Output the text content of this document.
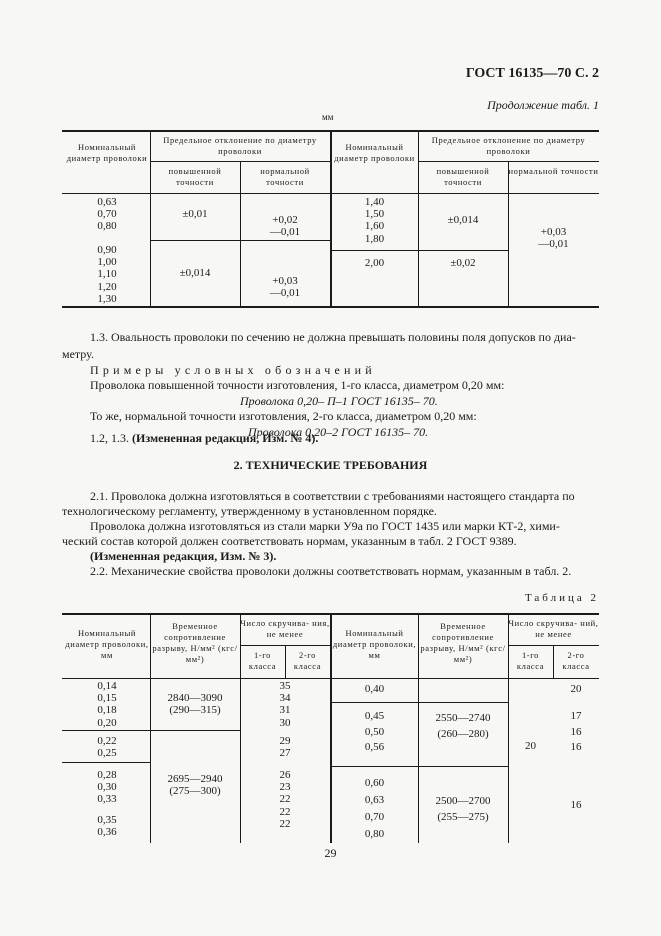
ГОСТ 16135—70 С. 2
Продолжение табл. 1
мм
Номинальный диаметр проволоки
Предельное отклонение по диаметру проволоки
повышенной точности
нормальной точности
Номинальный диаметр проволоки
Предельное отклонение по диаметру проволоки
повышенной точности
нормальной точности
0,63
0,70
0,80
0,90
1,00
1,10
1,20
1,30
±0,01
±0,014
+0,02
—0,01
+0,03
—0,01
1,40
1,50
1,60
1,80
2,00
±0,014
±0,02
+0,03
—0,01
1.3. Овальность проволоки по сечению не должна превышать половины поля допусков по диа-
метру.
Примеры условных обозначений
Проволока повышенной точности изготовления, 1-го класса, диаметром 0,20 мм:
Проволока 0,20– П–1 ГОСТ 16135– 70.
То же, нормальной точности изготовления, 2-го класса, диаметром 0,20 мм:
Проволока 0,20–2 ГОСТ 16135– 70.
1.2, 1.3. (Измененная редакция, Изм. № 4).
2. ТЕХНИЧЕСКИЕ ТРЕБОВАНИЯ
2.1. Проволока должна изготовляться в соответствии с требованиями настоящего стандарта по
технологическому регламенту, утвержденному в установленном порядке.
Проволока должна изготовляться из стали марки У9а по ГОСТ 1435 или марки КТ-2, хими-
ческий состав которой должен соответствовать нормам, указанным в табл. 2 ГОСТ 9389.
(Измененная редакция, Изм. № 3).
2.2. Механические свойства проволоки должны соответствовать нормам, указанным в табл. 2.
Таблица 2
Номинальный диаметр проволоки, мм
Временное сопротивление разрыву, Н/мм² (кгс/мм²)
Число скручива- ния, не менее
1-го класса
2-го класса
Номинальный диаметр проволоки, мм
Временное сопротивление разрыву, Н/мм² (кгс/мм²)
Число скручива- ний, не менее
1-го класса
2-го класса
0,14
0,15
0,18
0,20
0,22
0,25
0,28
0,30
0,33
0,35
0,36
2840—3090
(290—315)
2695—2940
(275—300)
35
34
31
30
29
27
26
23
22
22
22
0,40
0,45
0,50
0,56
0,60
0,63
0,70
0,80
2550—2740
(260—280)
2500—2700
(255—275)
20
20
17
16
16
16
29
